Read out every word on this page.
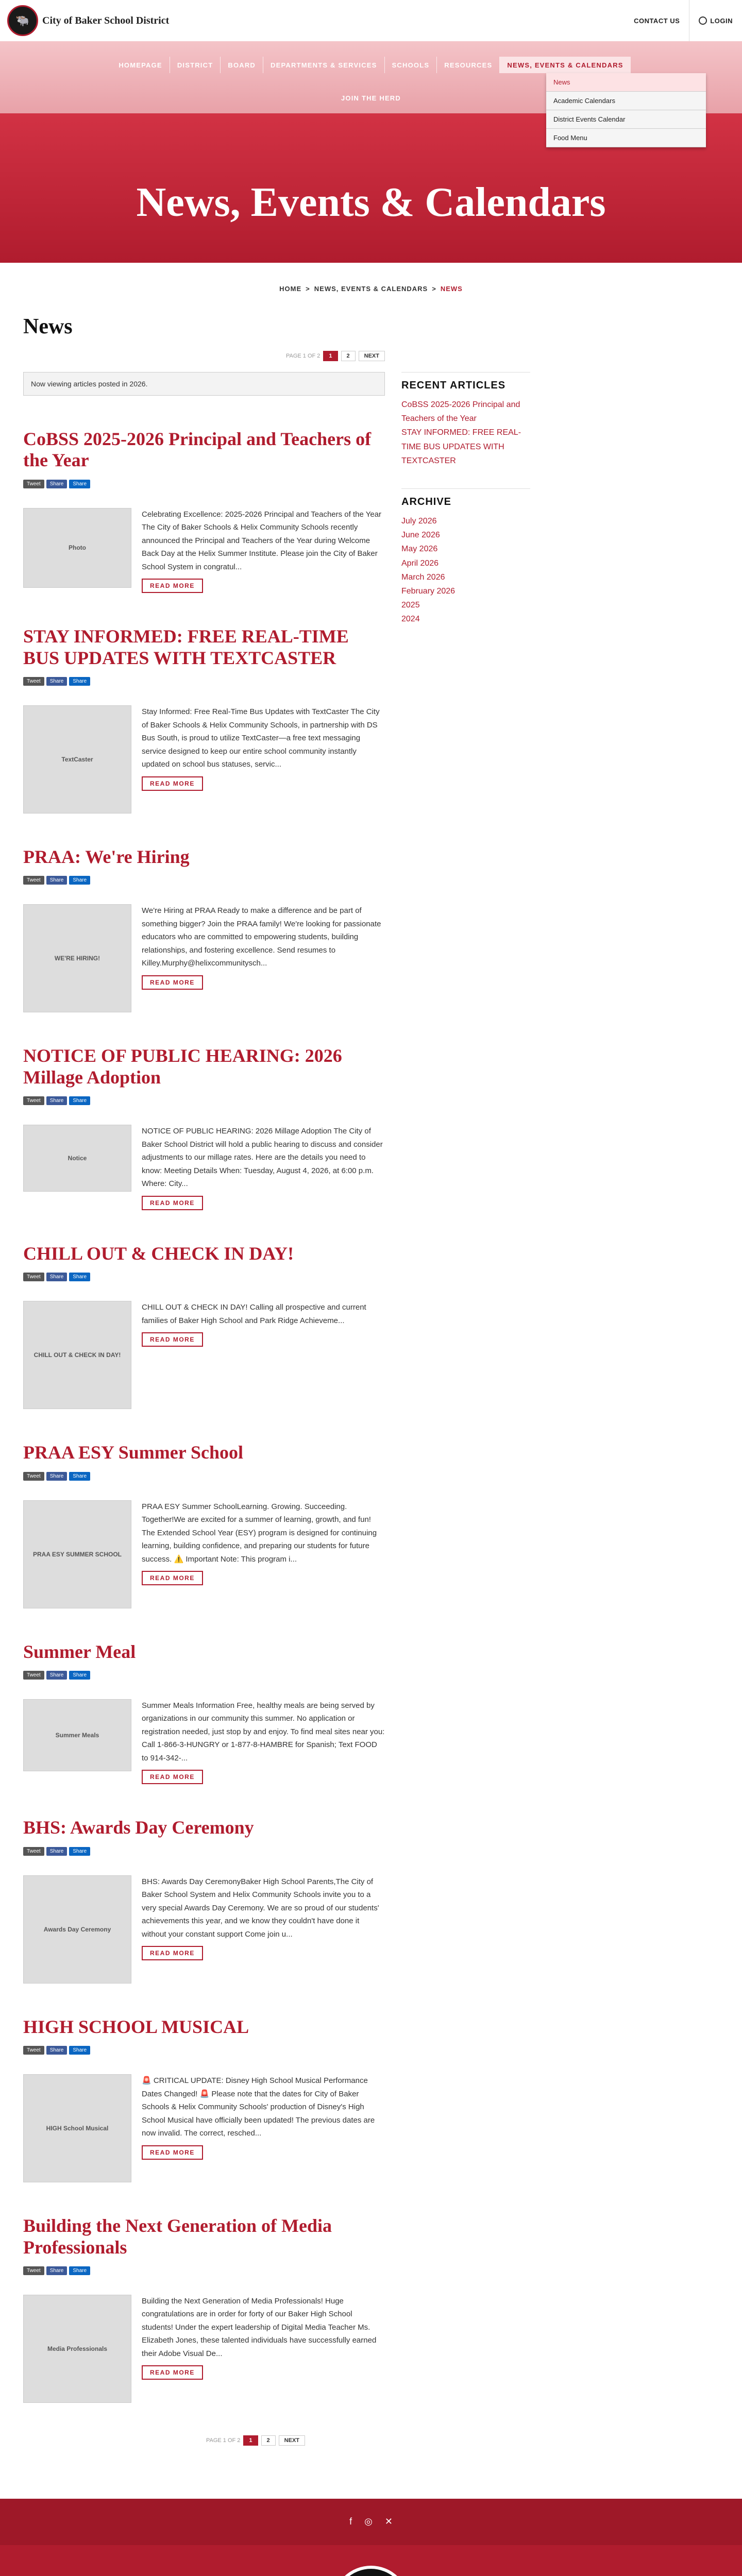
🐃	City of Baker School District	CONTACT US	LOGIN
HOMEPAGE	DISTRICT	BOARD	DEPARTMENTS & SERVICES	SCHOOLS	RESOURCES	NEWS, EVENTS & CALENDARS
JOIN THE HERD
News
Academic Calendars
District Events Calendar
Food Menu
News, Events & Calendars
HOME > NEWS, EVENTS & CALENDARS > NEWS
News
PAGE 1 OF 2	1	2	NEXT
Now viewing articles posted in 2026.
CoBSS 2025-2026 Principal and Teachers of the Year
Tweet	Share	Share
Photo

Celebrating Excellence: 2025-2026 Principal and Teachers of the Year The City of Baker Schools & Helix Community Schools recently announced the Principal and Teachers of the Year during Welcome Back Day at the Helix Summer Institute. Please join the City of Baker School System in congratul...

READ MORE
STAY INFORMED: FREE REAL-TIME BUS UPDATES WITH TEXTCASTER
Tweet	Share	Share
TextCaster

Stay Informed: Free Real-Time Bus Updates with TextCaster The City of Baker Schools & Helix Community Schools, in partnership with DS Bus South, is proud to utilize TextCaster—a free text messaging service designed to keep our entire school community instantly updated on school bus statuses, servic...

READ MORE
PRAA: We're Hiring
Tweet	Share	Share
WE'RE HIRING!

We're Hiring at PRAA Ready to make a difference and be part of something bigger? Join the PRAA family! We're looking for passionate educators who are committed to empowering students, building relationships, and fostering excellence. Send resumes to Killey.Murphy@helixcommunitysch...

READ MORE
NOTICE OF PUBLIC HEARING: 2026 Millage Adoption
Tweet	Share	Share
Notice

NOTICE OF PUBLIC HEARING: 2026 Millage Adoption The City of Baker School District will hold a public hearing to discuss and consider adjustments to our millage rates. Here are the details you need to know: Meeting Details When: Tuesday, August 4, 2026, at 6:00 p.m. Where: City...

READ MORE
CHILL OUT & CHECK IN DAY!
Tweet	Share	Share
CHILL OUT & CHECK IN DAY!

CHILL OUT & CHECK IN DAY! Calling all prospective and current families of Baker High School and Park Ridge Achieveme...

READ MORE
PRAA ESY Summer School
Tweet	Share	Share
PRAA ESY SUMMER SCHOOL

PRAA ESY Summer SchoolLearning. Growing. Succeeding. Together!We are excited for a summer of learning, growth, and fun! The Extended School Year (ESY) program is designed for continuing learning, building confidence, and preparing our students for future success. ⚠️ Important Note: This program i...

READ MORE
Summer Meal
Tweet	Share	Share
Summer Meals

Summer Meals Information Free, healthy meals are being served by organizations in our community this summer. No application or registration needed, just stop by and enjoy. To find meal sites near you: Call 1-866-3-HUNGRY or 1-877-8-HAMBRE for Spanish; Text FOOD to 914-342-...

READ MORE
BHS: Awards Day Ceremony
Tweet	Share	Share
Awards Day Ceremony

BHS: Awards Day CeremonyBaker High School Parents,The City of Baker School System and Helix Community Schools invite you to a very special Awards Day Ceremony. We are so proud of our students' achievements this year, and we know they couldn't have done it without your constant support Come join u...

READ MORE
HIGH SCHOOL MUSICAL
Tweet	Share	Share
HIGH School Musical

🚨 CRITICAL UPDATE: Disney High School Musical Performance Dates Changed! 🚨 Please note that the dates for City of Baker Schools & Helix Community Schools' production of Disney's High School Musical have officially been updated! The previous dates are now invalid. The correct, resched...

READ MORE
Building the Next Generation of Media Professionals
Tweet	Share	Share
Media Professionals

Building the Next Generation of Media Professionals! Huge congratulations are in order for forty of our Baker High School students! Under the expert leadership of Digital Media Teacher Ms. Elizabeth Jones, these talented individuals have successfully earned their Adobe Visual De...

READ MORE
PAGE 1 OF 2	1	2	NEXT
RECENT ARTICLES
CoBSS 2025-2026 Principal and Teachers of the Year
STAY INFORMED: FREE REAL-TIME BUS UPDATES WITH TEXTCASTER
ARCHIVE
July 2026
June 2026
May 2026
April 2026
March 2026
February 2026
2025
2024
f ◎ ✕
